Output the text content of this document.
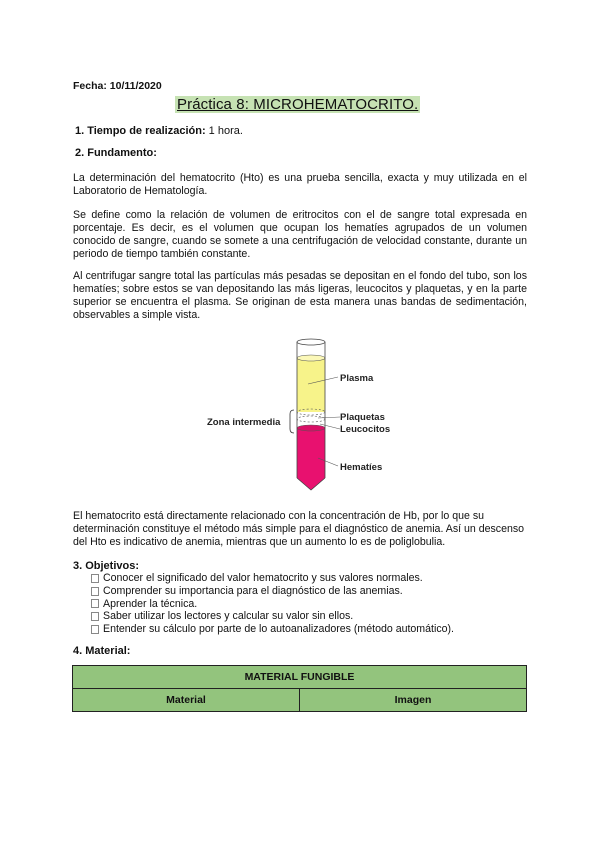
Fecha: 10/11/2020
Práctica 8: MICROHEMATOCRITO.
1. Tiempo de realización: 1 hora.
2. Fundamento:
La determinación del hematocrito (Hto) es una prueba sencilla, exacta y muy utilizada en el Laboratorio de Hematología.
Se define como la relación de volumen de eritrocitos con el de sangre total expresada en porcentaje. Es decir, es el volumen que ocupan los hematíes agrupados de un volumen conocido de sangre, cuando se somete a una centrifugación de velocidad constante, durante un periodo de tiempo también constante.
Al centrifugar sangre total las partículas más pesadas se depositan en el fondo del tubo, son los hematíes; sobre estos se van depositando las más ligeras, leucocitos y plaquetas, y en la parte superior se encuentra el plasma. Se originan de esta manera unas bandas de sedimentación, observables a simple vista.
Plasma
Plaquetas
Leucocitos
Hematíes
Zona intermedia
El hematocrito está directamente relacionado con la concentración de Hb, por lo que su determinación constituye el método más simple para el diagnóstico de anemia. Así un descenso del Hto es indicativo de anemia, mientras que un aumento lo es de poliglobulia.
3. Objetivos:
Conocer el significado del valor hematocrito y sus valores normales.
Comprender su importancia para el diagnóstico de las anemias.
Aprender la técnica.
Saber utilizar los lectores y calcular su valor sin ellos.
Entender su cálculo por parte de lo autoanalizadores (método automático).
4. Material:
MATERIAL FUNGIBLE
Material	Imagen
